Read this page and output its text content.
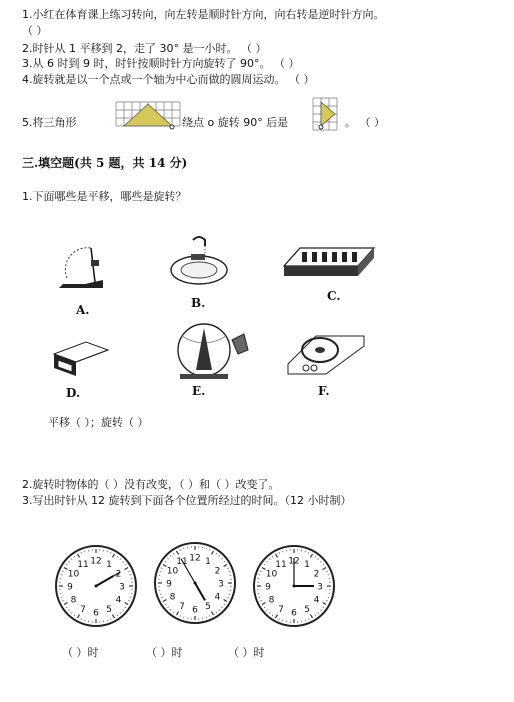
1.小红在体育课上练习转向，向左转是顺时针方向，向右转是逆时针方向。
（ ）
2.时针从 1 平移到 2，走了 30° 是一小时。 （ ）
3.从 6 时到 9 时，时针按顺时针方向旋转了 90°。 （ ）
4.旋转就是以一个点或一个轴为中心而做的圆周运动。 （ ）
5.将三角形	绕点 o 旋转 90° 后是	。 （ ）
三.填空题(共 5 题，共 14 分)
1.下面哪些是平移，哪些是旋转？
A.	B.	C.
D.	E.	F.
平移（ ）；旋转（ ）
2.旋转时物体的（ ）没有改变，（ ）和（ ）改变了。
3.写出时针从 12 旋转到下面各个位置所经过的时间。（12 小时制）
12 1
2
3
4
5
6
7
8
9
10
11
12 1
2
3
4
5
6
7
8
9
10
11	12 1
2
3
4
5
6
7
8
9
10
11
（ ）时	（ ）时	（ ）时
